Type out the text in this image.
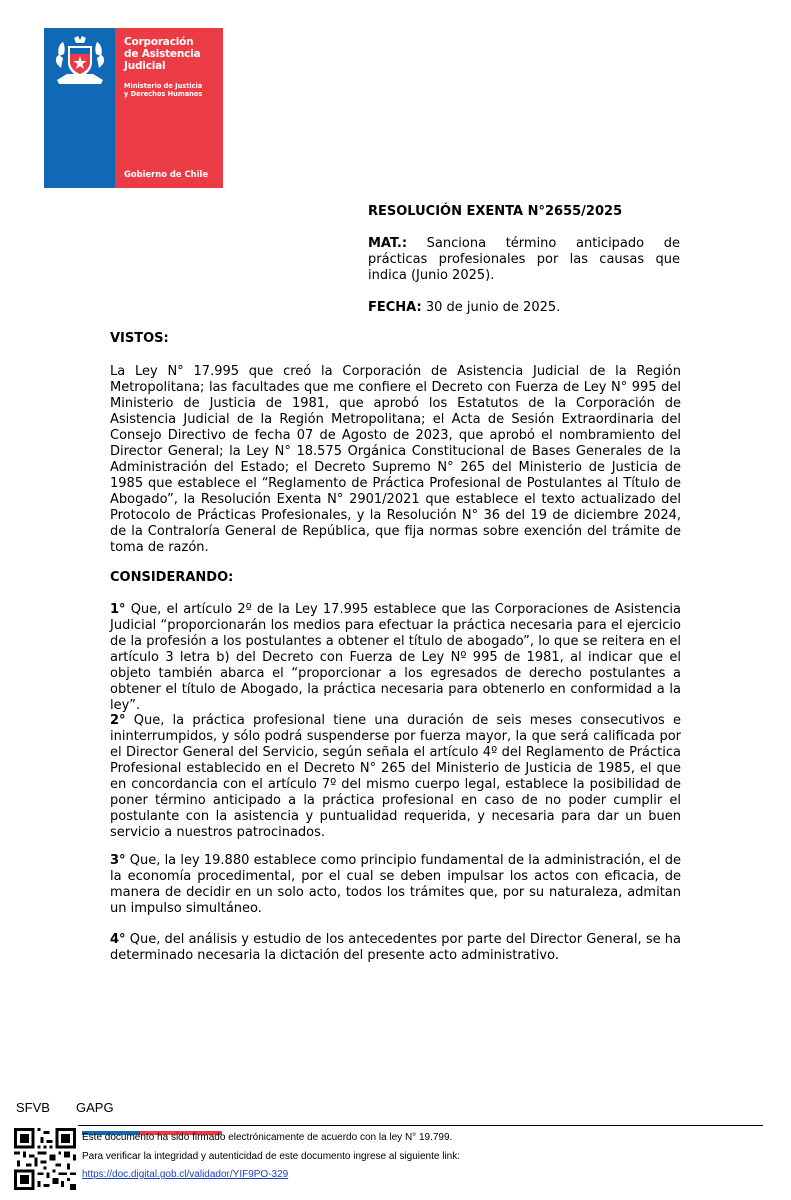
Corporación
de Asistencia
Judicial
Ministerio de Justicia
y Derechos Humanos
Gobierno de Chile
RESOLUCIÓN EXENTA N°2655/2025
MAT.: Sanciona término anticipado de prácticas profesionales por las causas que indica (Junio 2025).
FECHA: 30 de junio de 2025.
VISTOS:
La Ley N° 17.995 que creó la Corporación de Asistencia Judicial de la Región Metropolitana; las facultades que me confiere el Decreto con Fuerza de Ley N° 995 del Ministerio de Justicia de 1981, que aprobó los Estatutos de la Corporación de Asistencia Judicial de la Región Metropolitana; el Acta de Sesión Extraordinaria del Consejo Directivo de fecha 07 de Agosto de 2023, que aprobó el nombramiento del Director General; la Ley N° 18.575 Orgánica Constitucional de Bases Generales de la Administración del Estado; el Decreto Supremo N° 265 del Ministerio de Justicia de 1985 que establece el “Reglamento de Práctica Profesional de Postulantes al Título de Abogado”, la Resolución Exenta N° 2901/2021 que establece el texto actualizado del Protocolo de Prácticas Profesionales, y la Resolución N° 36 del 19 de diciembre 2024, de la Contraloría General de República, que fija normas sobre exención del trámite de toma de razón.
CONSIDERANDO:
1° Que, el artículo 2º de la Ley 17.995 establece que las Corporaciones de Asistencia Judicial “proporcionarán los medios para efectuar la práctica necesaria para el ejercicio de la profesión a los postulantes a obtener el título de abogado”, lo que se reitera en el artículo 3 letra b) del Decreto con Fuerza de Ley Nº 995 de 1981, al indicar que el objeto también abarca el “proporcionar a los egresados de derecho postulantes a obtener el título de Abogado, la práctica necesaria para obtenerlo en conformidad a la ley”.
2° Que, la práctica profesional tiene una duración de seis meses consecutivos e ininterrumpidos, y sólo podrá suspenderse por fuerza mayor, la que será calificada por el Director General del Servicio, según señala el artículo 4º del Reglamento de Práctica Profesional establecido en el Decreto N° 265 del Ministerio de Justicia de 1985, el que en concordancia con el artículo 7º del mismo cuerpo legal, establece la posibilidad de poner término anticipado a la práctica profesional en caso de no poder cumplir el postulante con la asistencia y puntualidad requerida, y necesaria para dar un buen servicio a nuestros patrocinados.
3° Que, la ley 19.880 establece como principio fundamental de la administración, el de la economía procedimental, por el cual se deben impulsar los actos con eficacia, de manera de decidir en un solo acto, todos los trámites que, por su naturaleza, admitan un impulso simultáneo.
4° Que, del análisis y estudio de los antecedentes por parte del Director General, se ha determinado necesaria la dictación del presente acto administrativo.
SFVB GAPG
Este documento ha sido firmado electrónicamente de acuerdo con la ley N° 19.799.
Para verificar la integridad y autenticidad de este documento ingrese al siguiente link:
https://doc.digital.gob.cl/validador/YIF9PO-329
